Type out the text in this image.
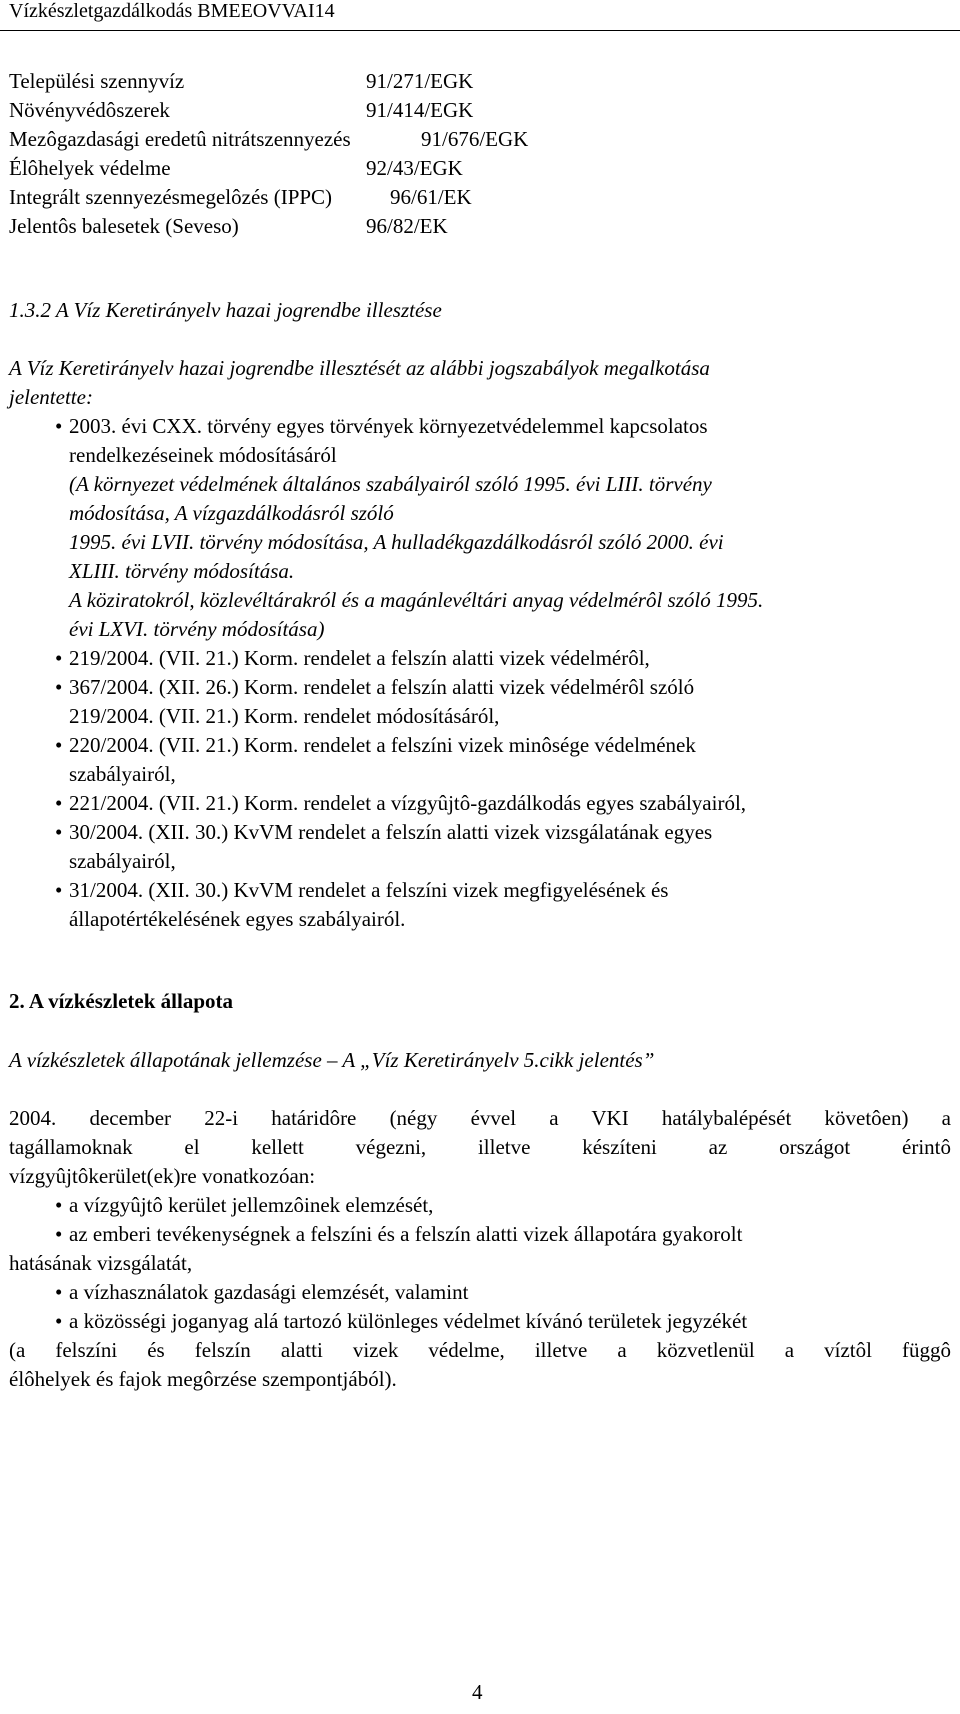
Vízkészletgazdálkodás BMEEOVVAI14
Települési szennyvíz	91/271/EGK
Növényvédôszerek	91/414/EGK
Mezôgazdasági eredetû nitrátszennyezés	91/676/EGK
Élôhelyek védelme	92/43/EGK
Integrált szennyezésmegelôzés (IPPC)	96/61/EK
Jelentôs balesetek (Seveso)	96/82/EK
1.3.2 A Víz Keretirányelv hazai jogrendbe illesztése
A Víz Keretirányelv hazai jogrendbe illesztését az alábbi jogszabályok megalkotása
jelentette:
• 2003. évi CXX. törvény egyes törvények környezetvédelemmel kapcsolatos
rendelkezéseinek módosításáról
(A környezet védelmének általános szabályairól szóló 1995. évi LIII. törvény
módosítása, A vízgazdálkodásról szóló
1995. évi LVII. törvény módosítása, A hulladékgazdálkodásról szóló 2000. évi
XLIII. törvény módosítása.
A köziratokról, közlevéltárakról és a magánlevéltári anyag védelmérôl szóló 1995.
évi LXVI. törvény módosítása)
• 219/2004. (VII. 21.) Korm. rendelet a felszín alatti vizek védelmérôl,
• 367/2004. (XII. 26.) Korm. rendelet a felszín alatti vizek védelmérôl szóló
219/2004. (VII. 21.) Korm. rendelet módosításáról,
• 220/2004. (VII. 21.) Korm. rendelet a felszíni vizek minôsége védelmének
szabályairól,
• 221/2004. (VII. 21.) Korm. rendelet a vízgyûjtô-gazdálkodás egyes szabályairól,
• 30/2004. (XII. 30.) KvVM rendelet a felszín alatti vizek vizsgálatának egyes
szabályairól,
• 31/2004. (XII. 30.) KvVM rendelet a felszíni vizek megfigyelésének és
állapotértékelésének egyes szabályairól.
2. A vízkészletek állapota
A vízkészletek állapotának jellemzése – A „Víz Keretirányelv 5.cikk jelentés”

2004. december 22-i határidôre (négy évvel a VKI hatálybalépését követôen) a

tagállamoknak el kellett végezni, illetve készíteni az országot érintô

vízgyûjtôkerület(ek)re vonatkozóan:

• a vízgyûjtô kerület jellemzôinek elemzését,
• az emberi tevékenységnek a felszíni és a felszín alatti vizek állapotára gyakorolt
hatásának vizsgálatát,
• a vízhasználatok gazdasági elemzését, valamint
• a közösségi joganyag alá tartozó különleges védelmet kívánó területek jegyzékét

(a felszíni és felszín alatti vizek védelme, illetve a közvetlenül a víztôl függô

élôhelyek és fajok megôrzése szempontjából).
4
